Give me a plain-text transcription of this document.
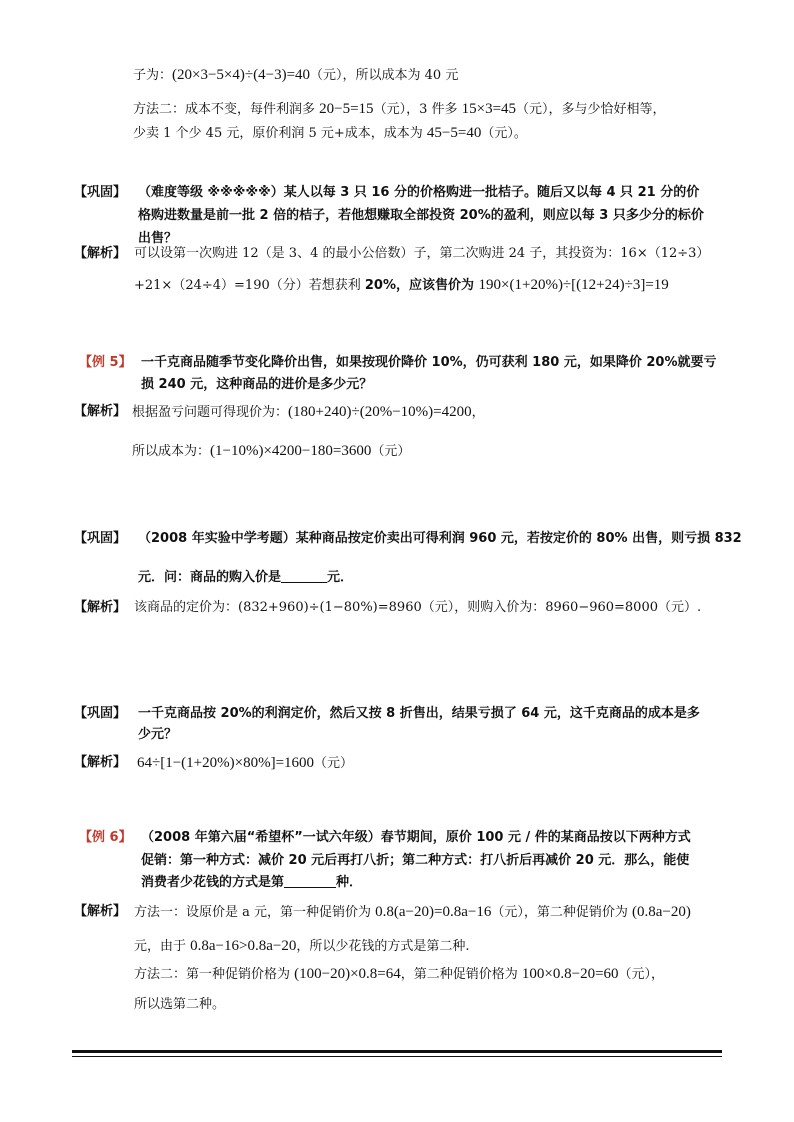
子为：(20×3−5×4)÷(4−3)=40（元），所以成本为 40 元
方法二：成本不变，每件利润多 20−5=15（元），3 件多 15×3=45（元），多与少恰好相等，
少卖 1 个少 45 元，原价利润 5 元+成本，成本为 45−5=40（元）。
【巩固】 （难度等级 ※※※※※）某人以每 3 只 16 分的价格购进一批桔子。随后又以每 4 只 21 分的价
格购进数量是前一批 2 倍的桔子，若他想赚取全部投资 20%的盈利，则应以每 3 只多少分的标价
出售？
【解析】 可以设第一次购进 12（是 3、4 的最小公倍数）子，第二次购进 24 子，其投资为：16×（12÷3）
+21×（24÷4）=190（分）若想获利 20%，应该售价为 190×(1+20%)÷[(12+24)÷3]=19
【例 5】 一千克商品随季节变化降价出售，如果按现价降价 10%，仍可获利 180 元，如果降价 20%就要亏
损 240 元，这种商品的进价是多少元？
【解析】 根据盈亏问题可得现价为：(180+240)÷(20%−10%)=4200，
所以成本为：(1−10%)×4200−180=3600（元）
【巩固】 （2008 年实验中学考题）某种商品按定价卖出可得利润 960 元，若按定价的 80% 出售，则亏损 832
元．问：商品的购入价是	元．
【解析】 该商品的定价为：(832+960)÷(1−80%)=8960（元），则购入价为：8960−960=8000（元）.
【巩固】 一千克商品按 20%的利润定价，然后又按 8 折售出，结果亏损了 64 元，这千克商品的成本是多
少元？
【解析】 64÷[1−(1+20%)×80%]=1600（元）
【例 6】 （2008 年第六届“希望杯”一试六年级）春节期间，原价 100 元 / 件的某商品按以下两种方式
促销：第一种方式：减价 20 元后再打八折；第二种方式：打八折后再减价 20 元．那么，能使
消费者少花钱的方式是第	种．
【解析】 方法一：设原价是 a 元，第一种促销价为 0.8(a−20)=0.8a−16（元），第二种促销价为 (0.8a−20)
元，由于 0.8a−16>0.8a−20，所以少花钱的方式是第二种.
方法二：第一种促销价格为 (100−20)×0.8=64，第二种促销价格为 100×0.8−20=60（元），
所以选第二种。
